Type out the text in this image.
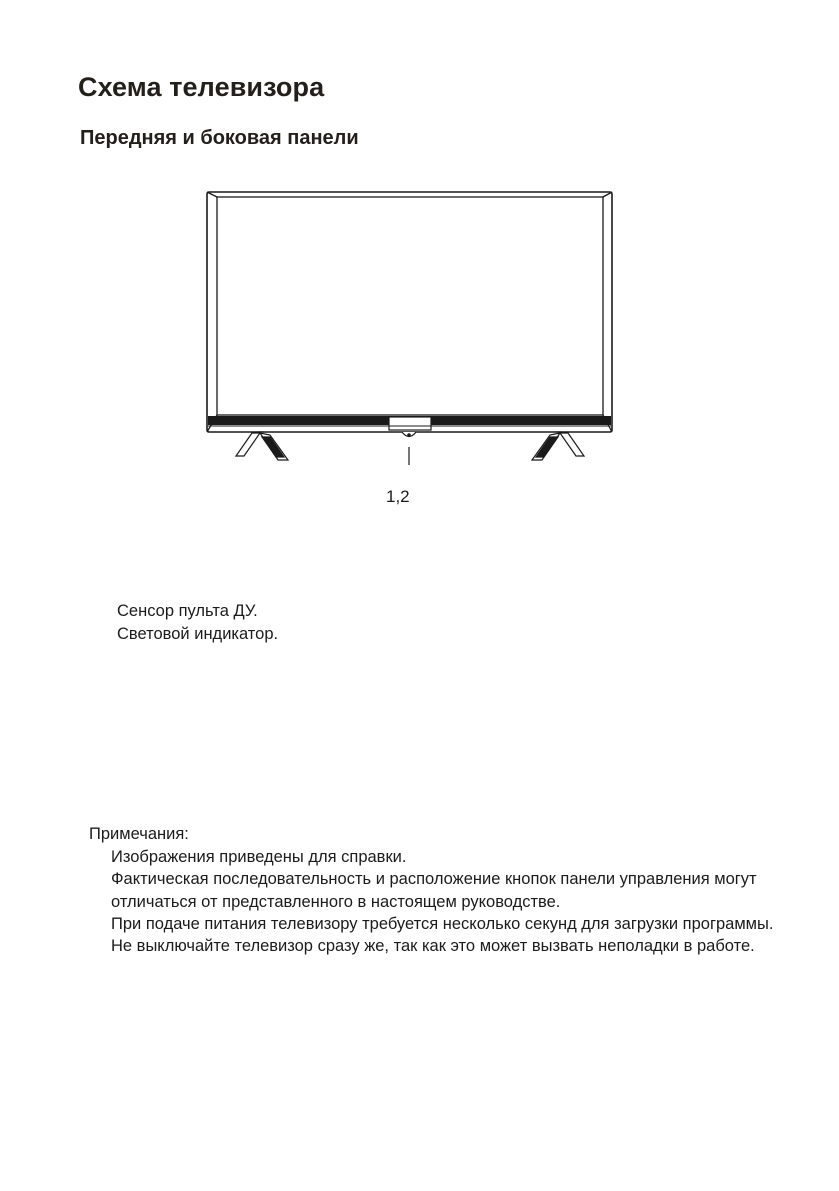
Схема телевизора
Передняя и боковая панели
1,2
Сенсор пульта ДУ.
Световой индикатор.

Примечания:

Изображения приведены для справки.
Фактическая последовательность и расположение кнопок панели управления могут отличаться от представленного в настоящем руководстве.
При подаче питания телевизору требуется несколько секунд для загрузки программы. Не выключайте телевизор сразу же, так как это может вызвать неполадки в работе.
